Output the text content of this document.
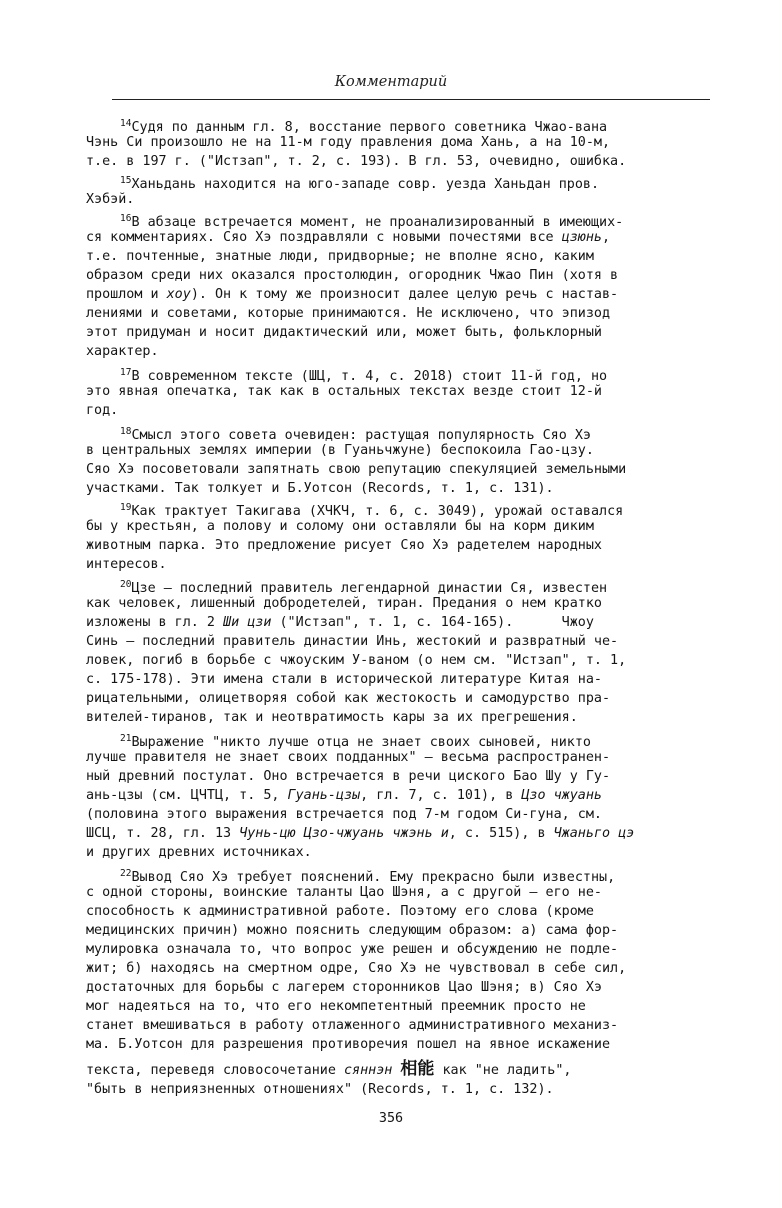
Комментарий
$^{14}$Судя по данным гл. 8, восстание первого советника Чжао-вана
Чэнь Си произошло не на 11-м году правления дома Хань, а на 10-м,
т.е. в 197 г. ("Истзап", т. 2, с. 193). В гл. 53, очевидно, ошибка.
$^{15}$Ханьдань находится на юго-западе совр. уезда Ханьдан пров.
Хэбэй.
$^{16}$В абзаце встречается момент, не проанализированный в имеющих-
ся комментариях. Сяо Хэ поздравляли с новыми почестями все цзюнь,
т.е. почтенные, знатные люди, придворные; не вполне ясно, каким
образом среди них оказался простолюдин, огородник Чжао Пин (хотя в
прошлом и хоу). Он к тому же произносит далее целую речь с настав-
лениями и советами, которые принимаются. Не исключено, что эпизод
этот придуман и носит дидактический или, может быть, фольклорный
характер.
$^{17}$В современном тексте (ШЦ, т. 4, с. 2018) стоит 11-й год, но
это явная опечатка, так как в остальных текстах везде стоит 12-й
год.
$^{18}$Смысл этого совета очевиден: растущая популярность Сяо Хэ
в центральных землях империи (в Гуаньчжуне) беспокоила Гао-цзу.
Сяо Хэ посоветовали запятнать свою репутацию спекуляцией земельными
участками. Так толкует и Б.Уотсон (Records, т. 1, с. 131).
$^{19}$Как трактует Такигава (ХЧКЧ, т. 6, с. 3049), урожай оставался
бы у крестьян, а полову и солому они оставляли бы на корм диким
животным парка. Это предложение рисует Сяо Хэ радетелем народных
интересов.
$^{20}$Цзе — последний правитель легендарной династии Ся, известен
как человек, лишенный добродетелей, тиран. Предания о нем кратко
изложены в гл. 2 Ши цзи ("Истзап", т. 1, с. 164-165).      Чжоу
Синь — последний правитель династии Инь, жестокий и развратный че-
ловек, погиб в борьбе с чжоуским У-ваном (о нем см. "Истзап", т. 1,
с. 175-178). Эти имена стали в исторической литературе Китая на-
рицательными, олицетворяя собой как жестокость и самодурство пра-
вителей-тиранов, так и неотвратимость кары за их прегрешения.
$^{21}$Выражение "никто лучше отца не знает своих сыновей, никто
лучше правителя не знает своих подданных" — весьма распространен-
ный древний постулат. Оно встречается в речи циского Бао Шу у Гу-
ань-цзы (см. ЦЧТЦ, т. 5, Гуань-цзы, гл. 7, с. 101), в Цзо чжуань
(половина этого выражения встречается под 7-м годом Си-гуна, см.
ШСЦ, т. 28, гл. 13 Чунь-цю Цзо-чжуань чжэнь и, с. 515), в Чжаньго цэ
и других древних источниках.
$^{22}$Вывод Сяо Хэ требует пояснений. Ему прекрасно были известны,
с одной стороны, воинские таланты Цао Шэня, а с другой — его не-
способность к административной работе. Поэтому его слова (кроме
медицинских причин) можно пояснить следующим образом: а) сама фор-
мулировка означала то, что вопрос уже решен и обсуждению не подле-
жит; б) находясь на смертном одре, Сяо Хэ не чувствовал в себе сил,
достаточных для борьбы с лагерем сторонников Цао Шэня; в) Сяо Хэ
мог надеяться на то, что его некомпетентный преемник просто не
станет вмешиваться в работу отлаженного административного механиз-
ма. Б.Уотсон для разрешения противоречия пошел на явное искажение
текста, переведя словосочетание сяннэн 相能 как "не ладить",
"быть в неприязненных отношениях" (Records, т. 1, с. 132).
356
